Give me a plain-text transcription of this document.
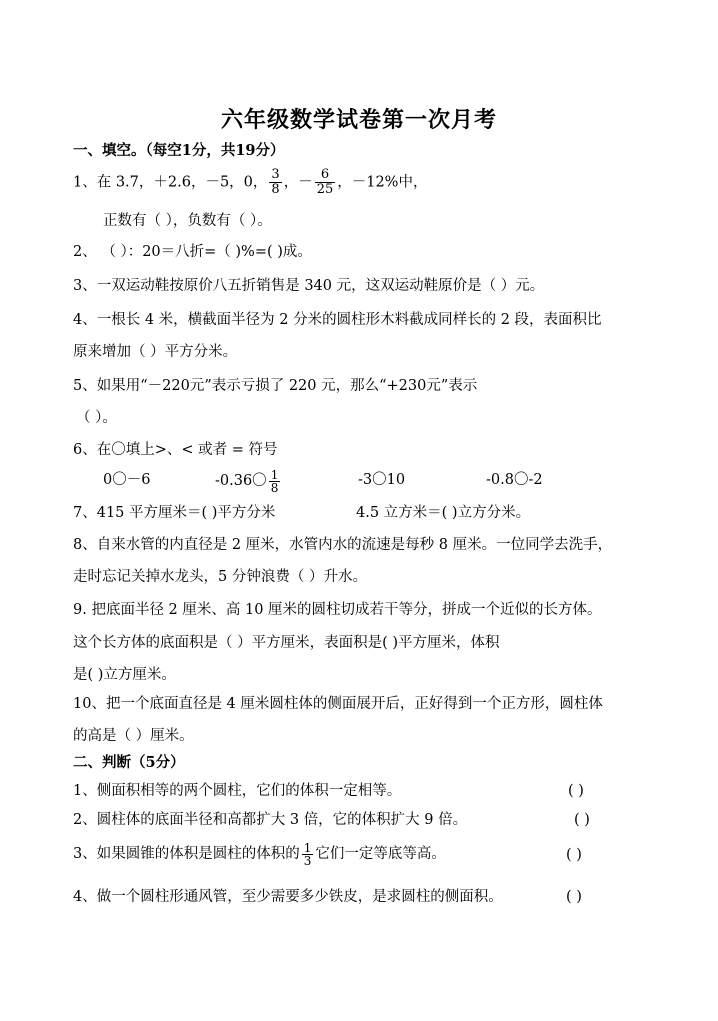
六年级数学试卷第一次月考
一、填空。（每空1分，共19分）
1、在 3.7，＋2.6，－5，0， $\frac{3}{8}$ ，－ $\frac{6}{25}$ ，－12%中，
正数有（ ），负数有（ ）。
2、 （ ）：20＝八折=（ )%=( )成。
3、一双运动鞋按原价八五折销售是 340 元，这双运动鞋原价是（ ）元。
4、一根长 4 米，横截面半径为 2 分米的圆柱形木料截成同样长的 2 段，表面积比
原来增加（ ）平方分米。
5、如果用“－220元”表示亏损了 220 元，那么“+230元”表示
（ ）。
6、在〇填上>、< 或者 = 符号
0〇－6	-0.36〇 $\frac{1}{8}$	-3〇10	-0.8〇-2
7、415 平方厘米＝( )平方分米	4.5 立方米＝( )立方分米。
8、自来水管的内直径是 2 厘米，水管内水的流速是每秒 8 厘米。一位同学去洗手，
走时忘记关掉水龙头，5 分钟浪费（ ）升水。
9. 把底面半径 2 厘米、高 10 厘米的圆柱切成若干等分，拼成一个近似的长方体。
这个长方体的底面积是（ ）平方厘米，表面积是( )平方厘米，体积
是( )立方厘米。
10、把一个底面直径是 4 厘米圆柱体的侧面展开后，正好得到一个正方形，圆柱体
的高是（ ）厘米。
二、判断（5分）
1、侧面积相等的两个圆柱，它们的体积一定相等。	( )
2、圆柱体的底面半径和高都扩大 3 倍，它的体积扩大 9 倍。	( )
3、如果圆锥的体积是圆柱的体积的 $\frac{1}{3}$ 它们一定等底等高。	( )
4、做一个圆柱形通风管，至少需要多少铁皮，是求圆柱的侧面积。	( )
